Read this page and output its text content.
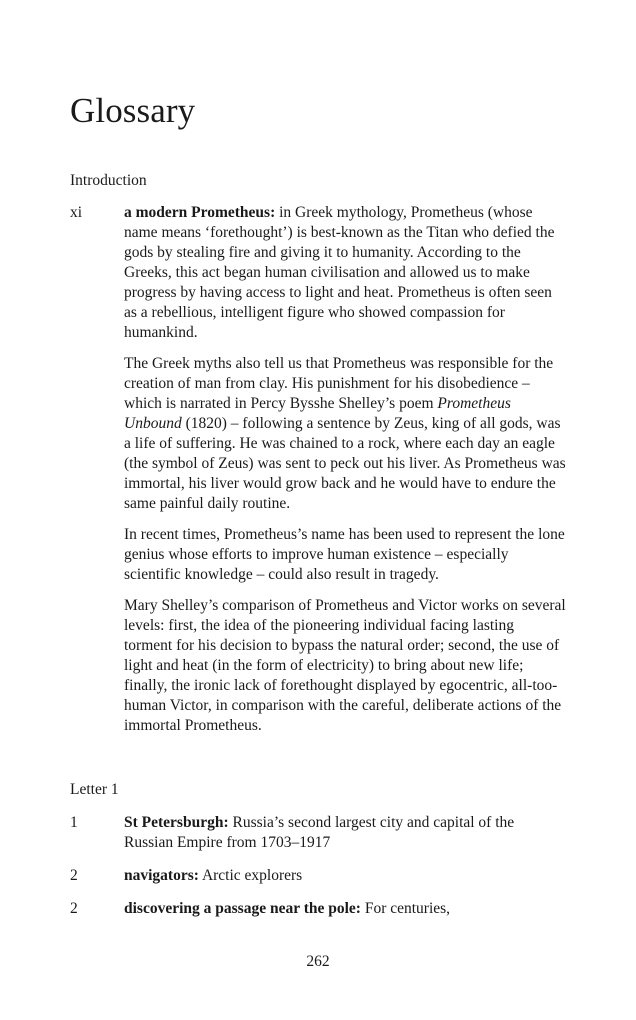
Glossary
Introduction
xi	a modern Prometheus: in Greek mythology, Prometheus (whose name means ‘forethought’) is best-known as the Titan who defied the gods by stealing fire and giving it to humanity. According to the Greeks, this act began human civilisation and allowed us to make progress by having access to light and heat. Prometheus is often seen as a rebellious, intelligent figure who showed compassion for humankind.

The Greek myths also tell us that Prometheus was responsible for the creation of man from clay. His punishment for his disobedience – which is narrated in Percy Bysshe Shelley’s poem Prometheus Unbound (1820) – following a sentence by Zeus, king of all gods, was a life of suffering. He was chained to a rock, where each day an eagle (the symbol of Zeus) was sent to peck out his liver. As Prometheus was immortal, his liver would grow back and he would have to endure the same painful daily routine.

In recent times, Prometheus’s name has been used to represent the lone genius whose efforts to improve human existence – especially scientific knowledge – could also result in tragedy.

Mary Shelley’s comparison of Prometheus and Victor works on several levels: first, the idea of the pioneering individual facing lasting torment for his decision to bypass the natural order; second, the use of light and heat (in the form of electricity) to bring about new life; finally, the ironic lack of forethought displayed by egocentric, all-too-human Victor, in comparison with the careful, deliberate actions of the immortal Prometheus.

Letter 1
1	St Petersburgh: Russia’s second largest city and capital of the Russian Empire from 1703–1917

2	navigators: Arctic explorers

2	discovering a passage near the pole: For centuries,

262
